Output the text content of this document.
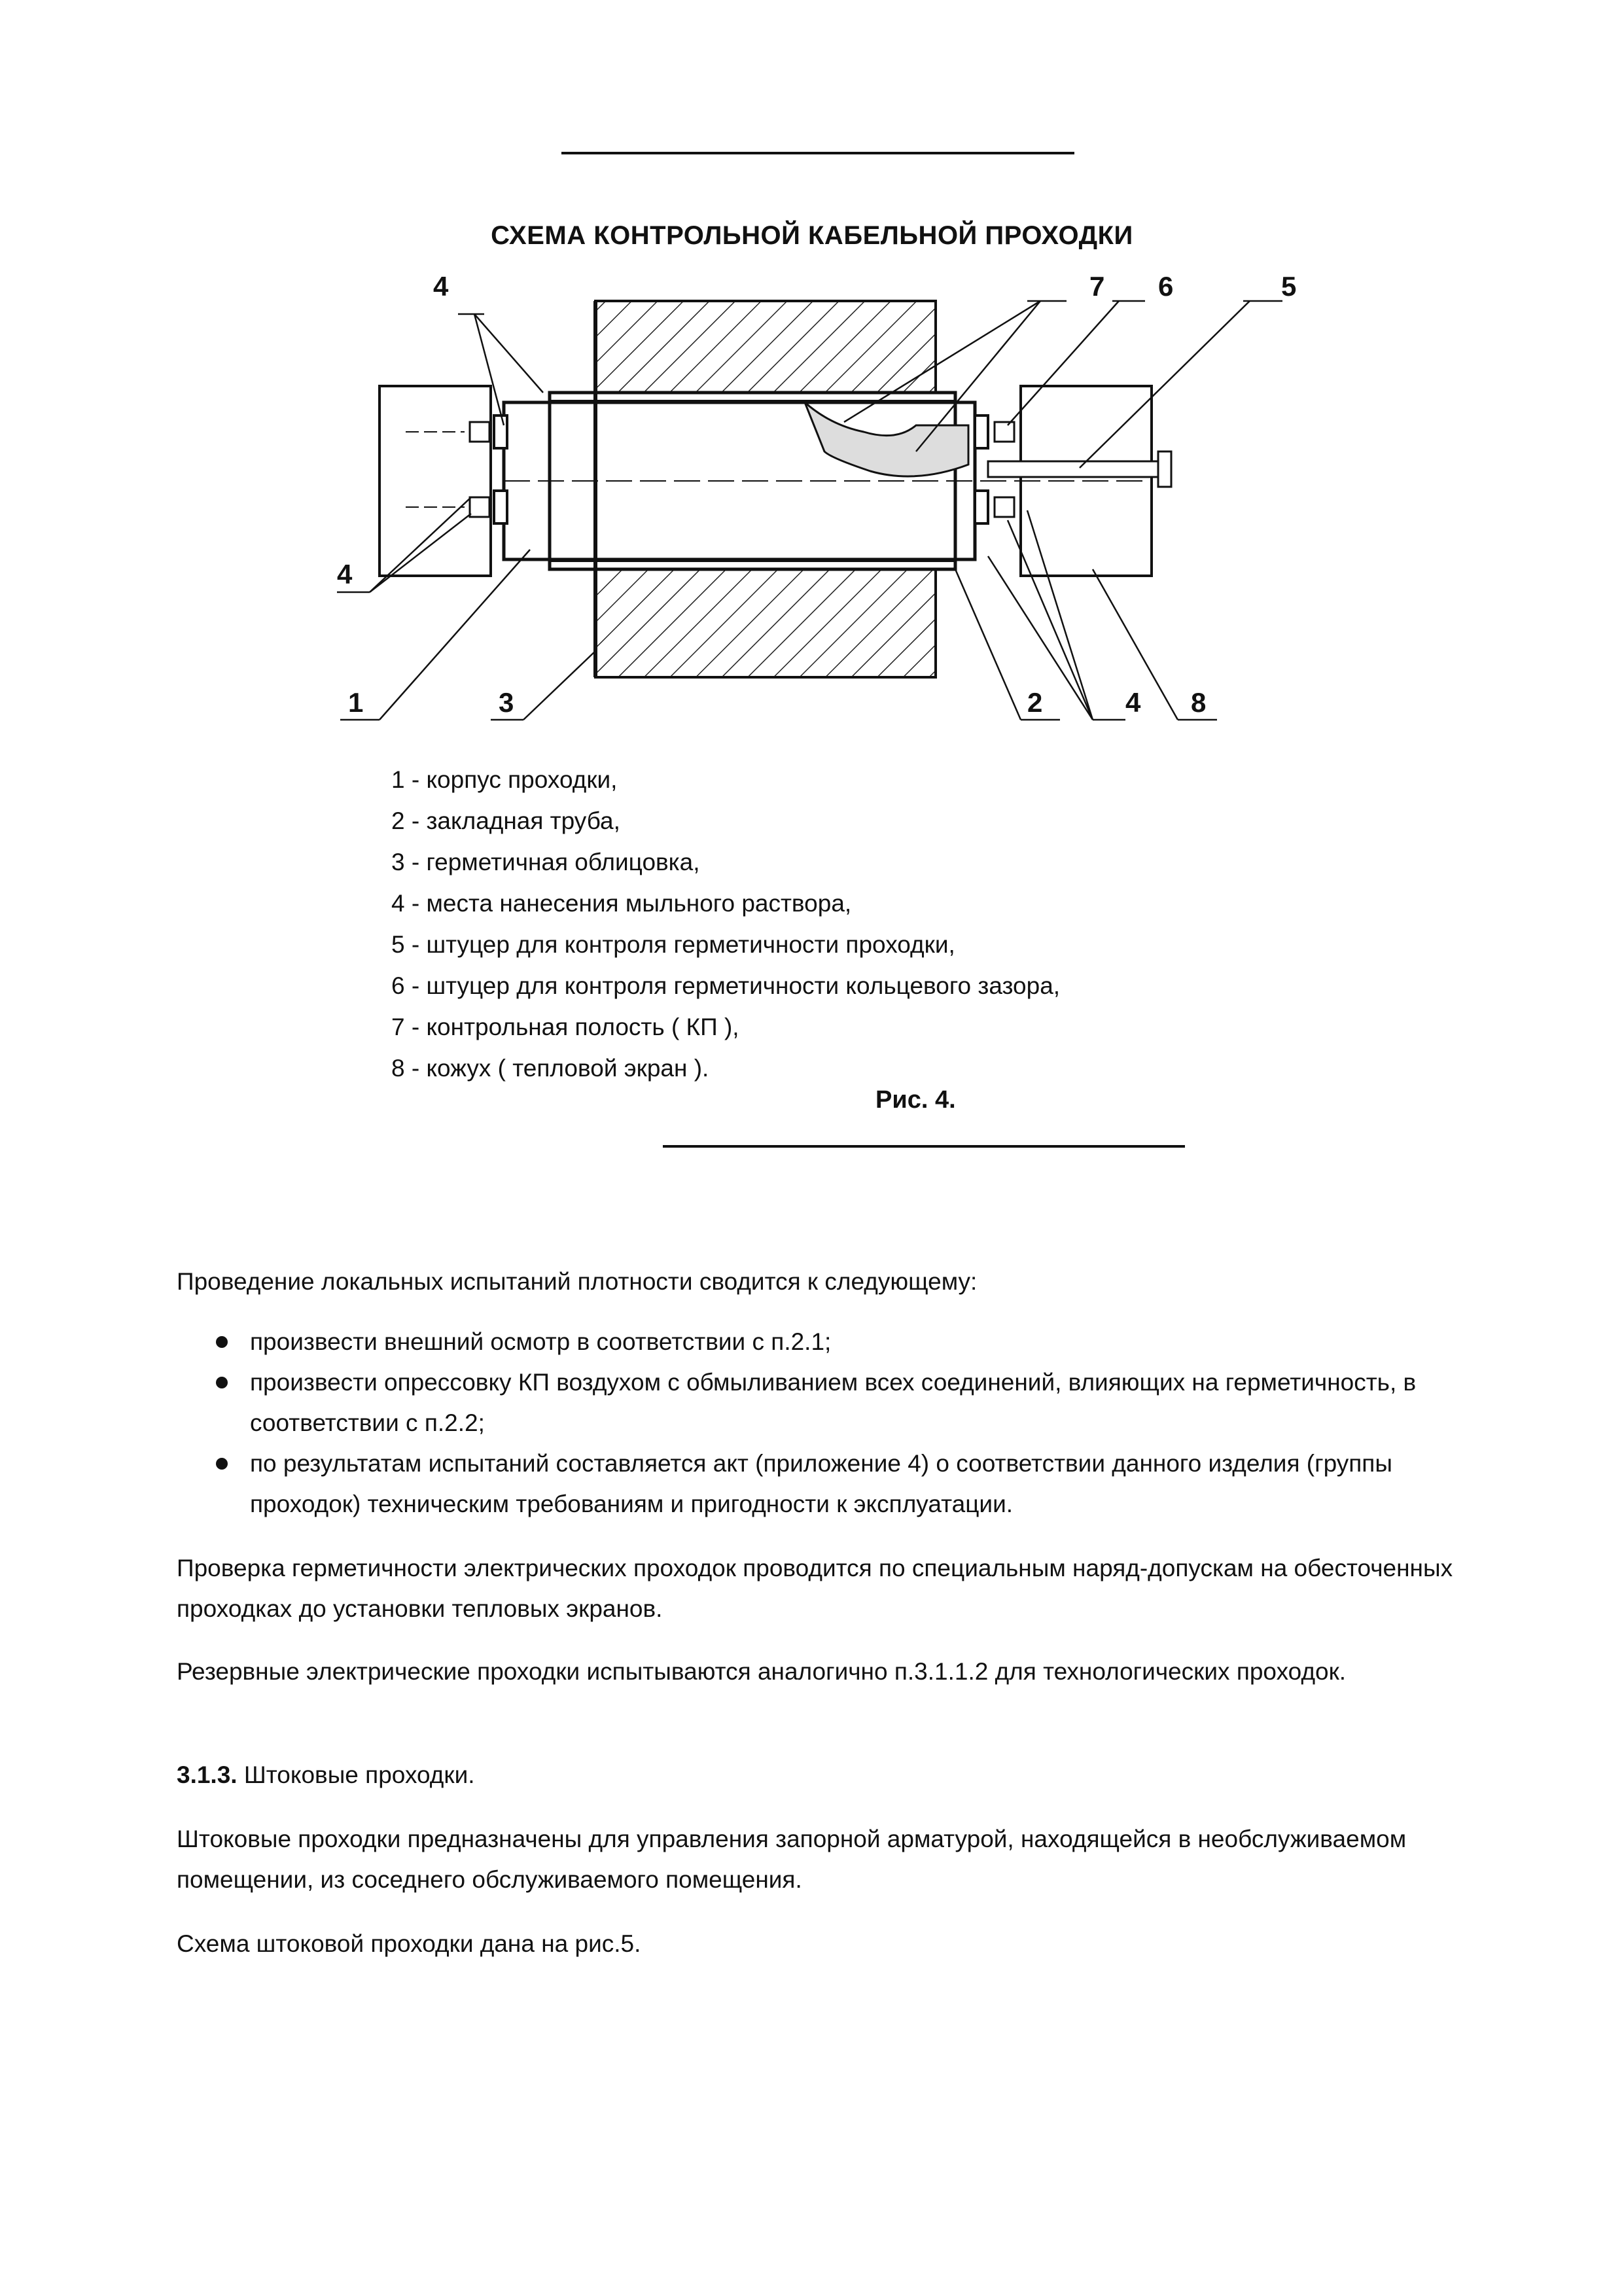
СХЕМА КОНТРОЛЬНОЙ КАБЕЛЬНОЙ ПРОХОДКИ
4
4
1	3
7 6	5
2	4 8
1 - корпус проходки,
2 - закладная труба,
3 - герметичная облицовка,
4 - места нанесения мыльного раствора,
5 - штуцер для контроля герметичности проходки,
6 - штуцер для контроля герметичности кольцевого зазора,
7 - контрольная полость ( КП ),
8 - кожух ( тепловой экран ).
Рис. 4.
Проведение локальных испытаний плотности сводится к следующему:
произвести внешний осмотр в соответствии с п.2.1;
произвести опрессовку КП воздухом с обмыливанием всех соединений, влияющих на герметичность, в соответствии с п.2.2;
по результатам испытаний составляется акт (приложение 4) о соответствии данного изделия (группы проходок) техническим требованиям и пригодности к эксплуатации.
Проверка герметичности электрических проходок проводится по специальным наряд-допускам на обесточенных проходках до установки тепловых экранов.
Резервные электрические проходки испытываются аналогично п.3.1.1.2 для технологических проходок.
3.1.3. Штоковые проходки.
Штоковые проходки предназначены для управления запорной арматурой, находящейся в необслуживаемом помещении, из соседнего обслуживаемого помещения.
Схема штоковой проходки дана на рис.5.
